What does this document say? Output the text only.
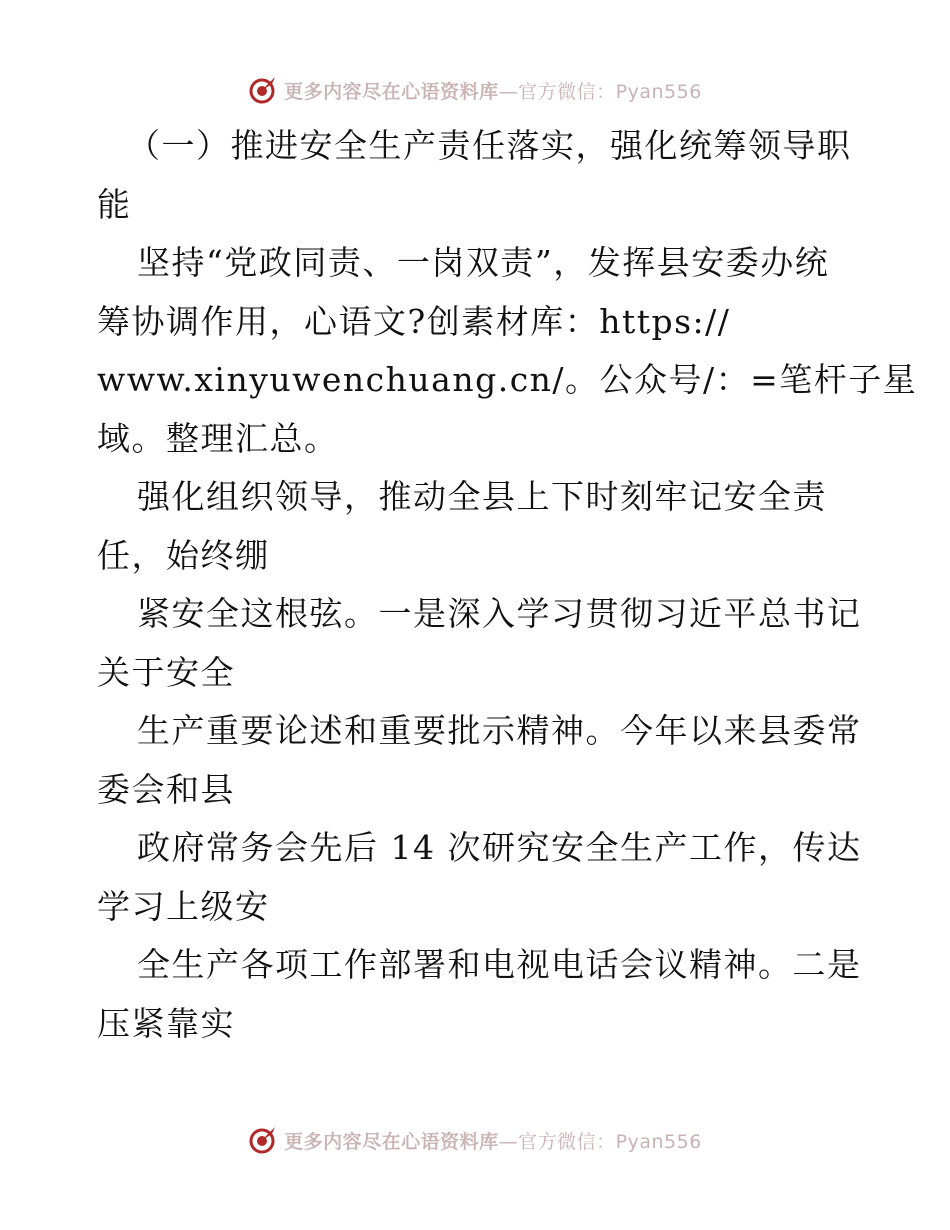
更多内容尽在心语资料库—官方微信：Pyan556
（一）推进安全生产责任落实，强化统筹领导职
能
坚持“党政同责、一岗双责”，发挥县安委办统
筹协调作用，心语文?创素材库：https://
www.xinyuwenchuang.cn/。公众号/：=笔杆子星
域。整理汇总。
强化组织领导，推动全县上下时刻牢记安全责
任，始终绷
紧安全这根弦。一是深入学习贯彻习近平总书记
关于安全
生产重要论述和重要批示精神。今年以来县委常
委会和县
政府常务会先后 14 次研究安全生产工作，传达
学习上级安
全生产各项工作部署和电视电话会议精神。二是
压紧靠实
更多内容尽在心语资料库—官方微信：Pyan556
